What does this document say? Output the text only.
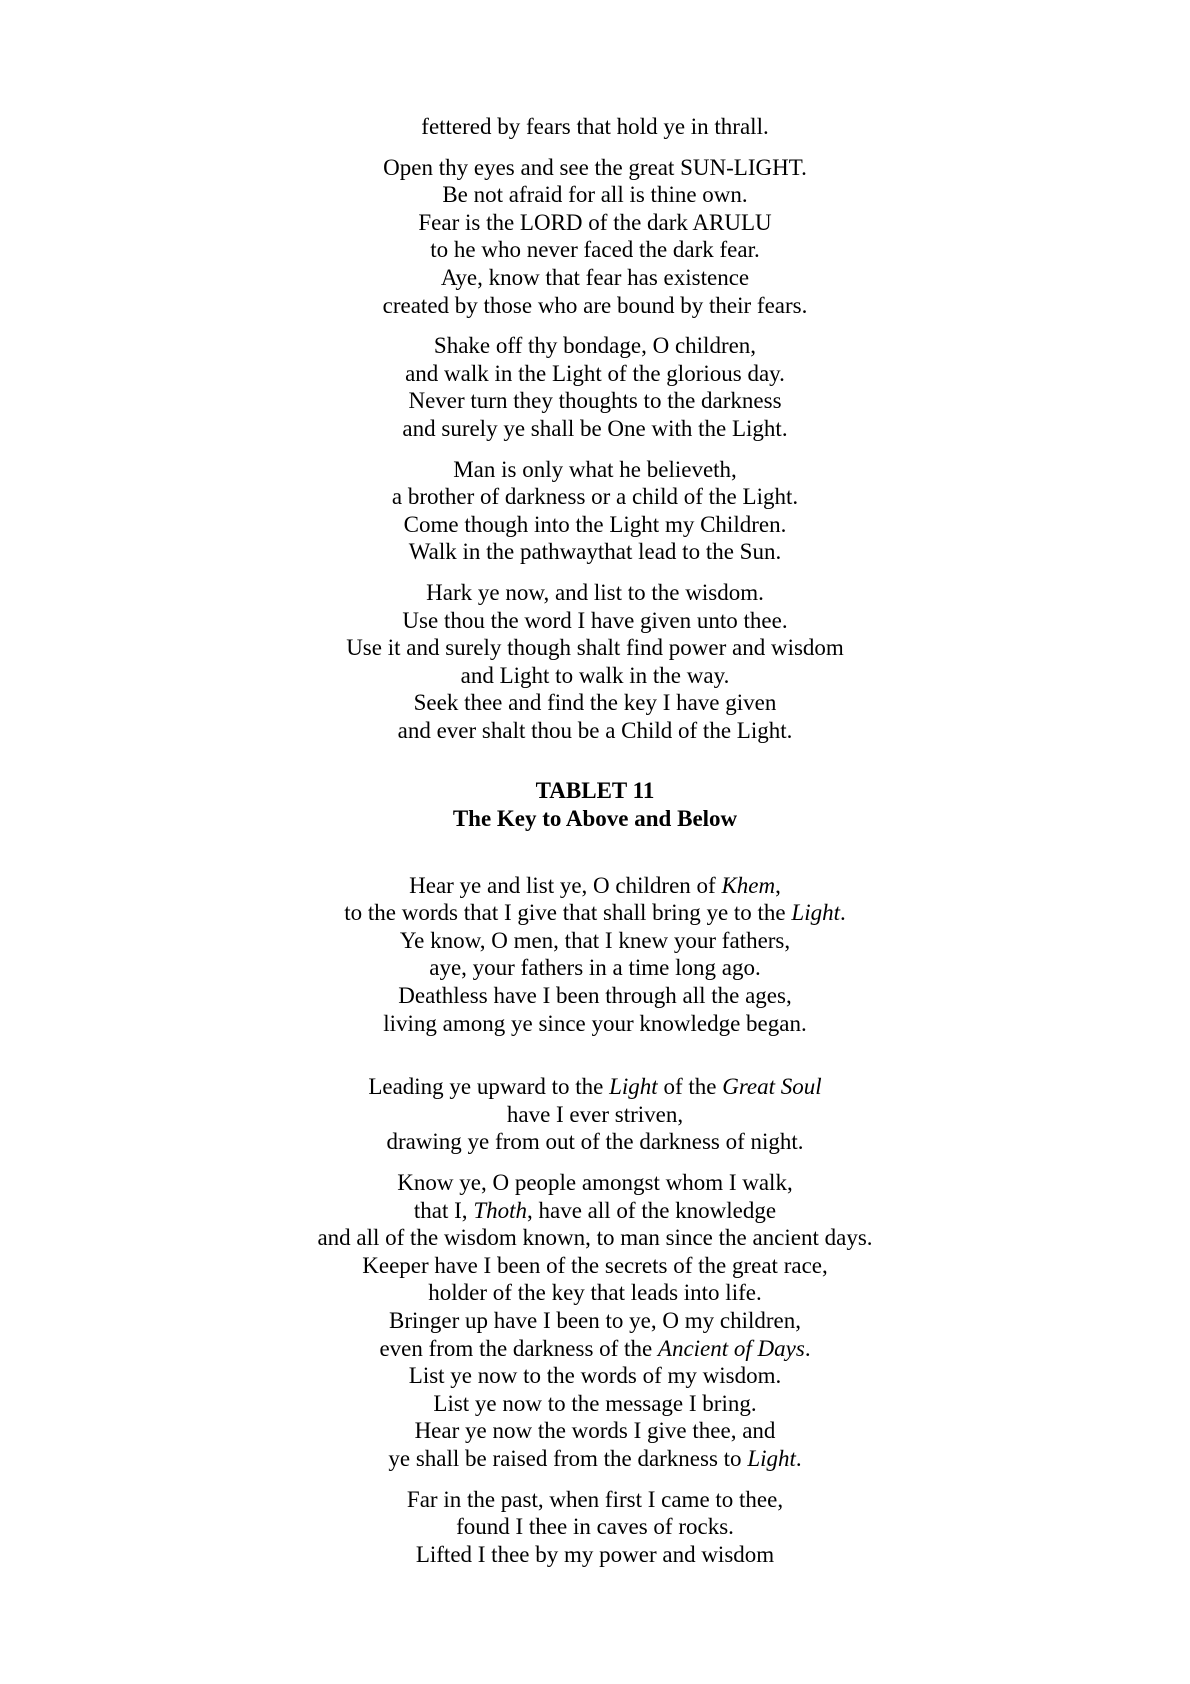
fettered by fears that hold ye in thrall.
Open thy eyes and see the great SUN-LIGHT.
Be not afraid for all is thine own.
Fear is the LORD of the dark ARULU
to he who never faced the dark fear.
Aye, know that fear has existence
created by those who are bound by their fears.
Shake off thy bondage, O children,
and walk in the Light of the glorious day.
Never turn they thoughts to the darkness
and surely ye shall be One with the Light.
Man is only what he believeth,
a brother of darkness or a child of the Light.
Come though into the Light my Children.
Walk in the pathwaythat lead to the Sun.
Hark ye now, and list to the wisdom.
Use thou the word I have given unto thee.
Use it and surely though shalt find power and wisdom
and Light to walk in the way.
Seek thee and find the key I have given
and ever shalt thou be a Child of the Light.
TABLET 11
The Key to Above and Below
Hear ye and list ye, O children of Khem,
to the words that I give that shall bring ye to the Light.
Ye know, O men, that I knew your fathers,
aye, your fathers in a time long ago.
Deathless have I been through all the ages,
living among ye since your knowledge began.
Leading ye upward to the Light of the Great Soul
have I ever striven,
drawing ye from out of the darkness of night.
Know ye, O people amongst whom I walk,
that I, Thoth, have all of the knowledge
and all of the wisdom known, to man since the ancient days.
Keeper have I been of the secrets of the great race,
holder of the key that leads into life.
Bringer up have I been to ye, O my children,
even from the darkness of the Ancient of Days.
List ye now to the words of my wisdom.
List ye now to the message I bring.
Hear ye now the words I give thee, and
ye shall be raised from the darkness to Light.
Far in the past, when first I came to thee,
found I thee in caves of rocks.
Lifted I thee by my power and wisdom
